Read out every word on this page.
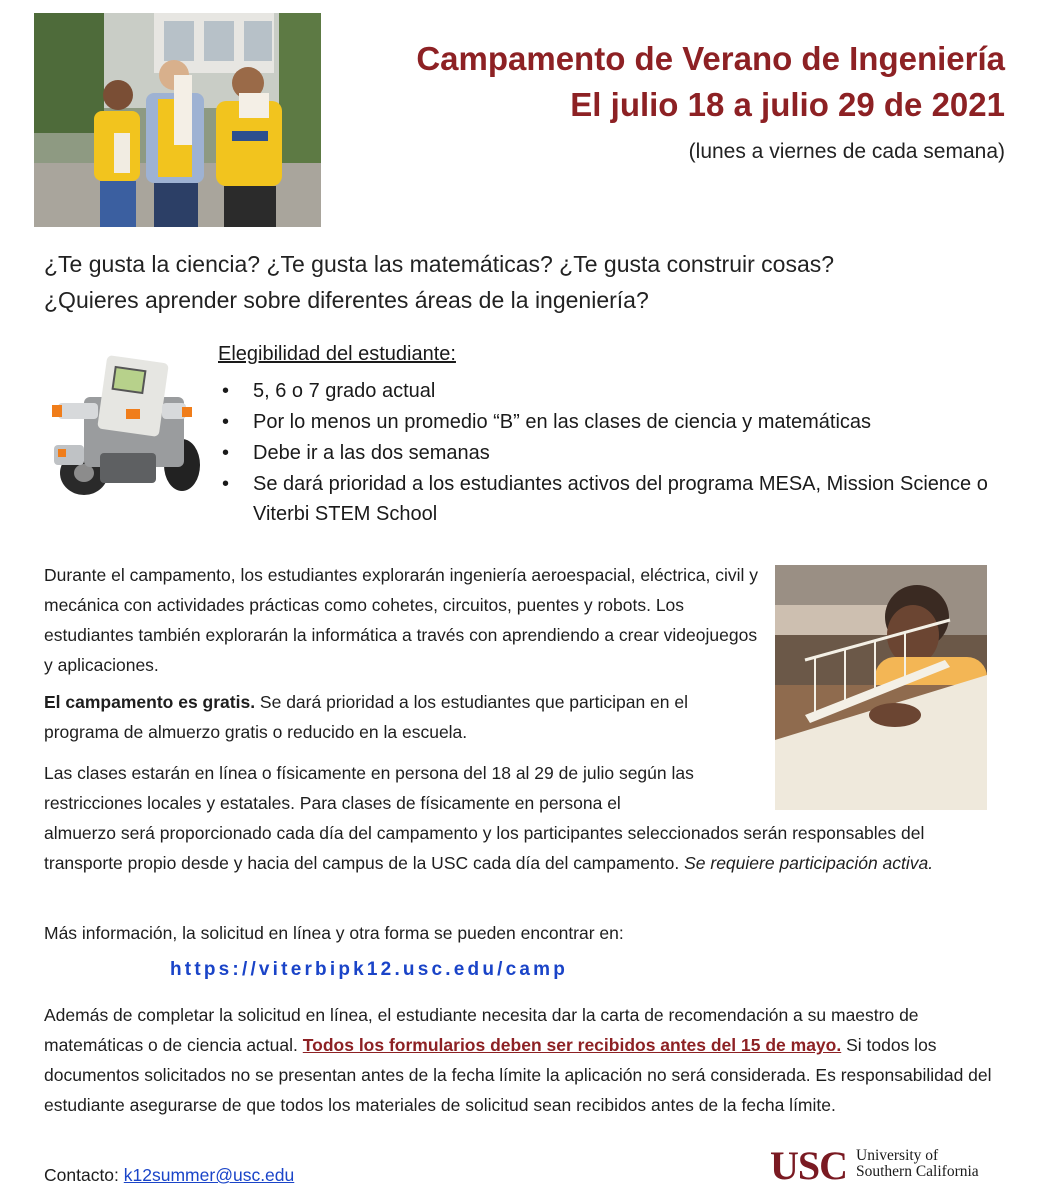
Campamento de Verano de Ingeniería
El julio 18 a julio 29 de 2021
(lunes a viernes de cada semana)
¿Te gusta la ciencia? ¿Te gusta las matemáticas? ¿Te gusta construir cosas?
¿Quieres aprender sobre diferentes áreas de la ingeniería?
Elegibilidad del estudiante:
• 5, 6 o 7 grado actual
• Por lo menos un promedio “B” en las clases de ciencia y matemáticas
• Debe ir a las dos semanas
• Se dará prioridad a los estudiantes activos del programa MESA, Mission Science o Viterbi STEM School
Durante el campamento, los estudiantes explorarán ingeniería aeroespacial, eléctrica, civil y mecánica con actividades prácticas como cohetes, circuitos, puentes y robots. Los estudiantes también explorarán la informática a través con aprendiendo a crear videojuegos y aplicaciones.
El campamento es gratis. Se dará prioridad a los estudiantes que participan en el programa de almuerzo gratis o reducido en la escuela.
Las clases estarán en línea o físicamente en persona del 18 al 29 de julio según las restricciones locales y estatales. Para clases de físicamente en persona el
almuerzo será proporcionado cada día del campamento y los participantes seleccionados serán responsables del transporte propio desde y hacia del campus de la USC cada día del campamento. Se requiere participación activa.
Más información, la solicitud en línea y otra forma se pueden encontrar en:
https://viterbipk12.usc.edu/camp
Además de completar la solicitud en línea, el estudiante necesita dar la carta de recomendación a su maestro de matemáticas o de ciencia actual. Todos los formularios deben ser recibidos antes del 15 de mayo. Si todos los documentos solicitados no se presentan antes de la fecha límite la aplicación no será considerada. Es responsabilidad del estudiante asegurarse de que todos los materiales de solicitud sean recibidos antes de la fecha límite.
Contacto: k12summer@usc.edu	USC University of
Southern California
